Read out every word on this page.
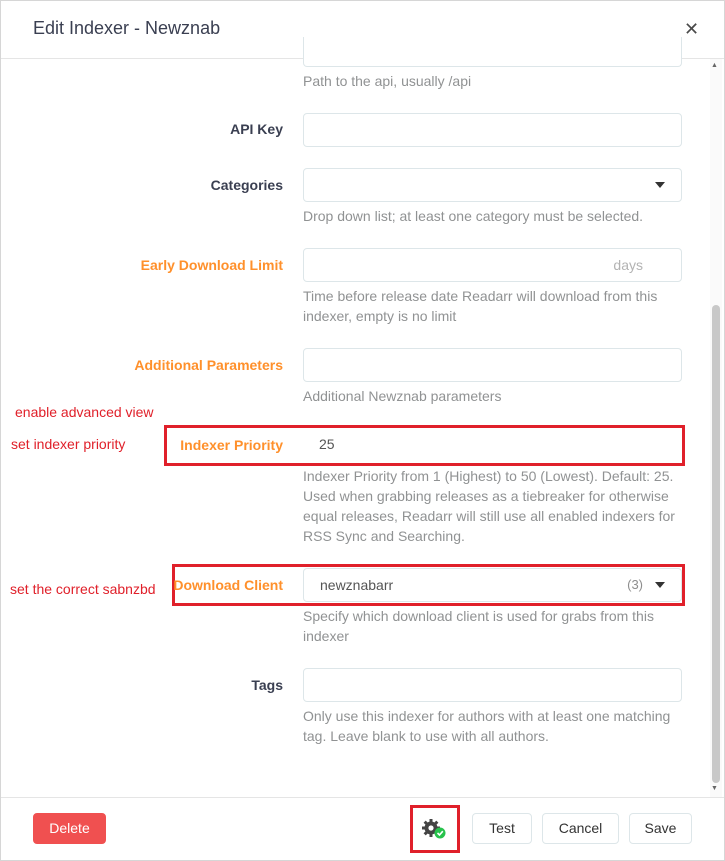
Edit Indexer - Newznab	✕
▲
▼
Path to the api, usually /api
API Key
Categories
Drop down list; at least one category must be selected.
Early Download Limit	days
Time before release date Readarr will download from this indexer, empty is no limit
Additional Parameters
Additional Newznab parameters
enable advanced view
set indexer priority	Indexer Priority	25
Indexer Priority from 1 (Highest) to 50 (Lowest). Default: 25. Used when grabbing releases as a tiebreaker for otherwise equal releases, Readarr will still use all enabled indexers for RSS Sync and Searching.
set the correct sabnzbd	Download Client	newznabarr	(3)
Specify which download client is used for grabs from this indexer
Tags
Only use this indexer for authors with at least one matching tag. Leave blank to use with all authors.
Delete	Test	Cancel	Save
